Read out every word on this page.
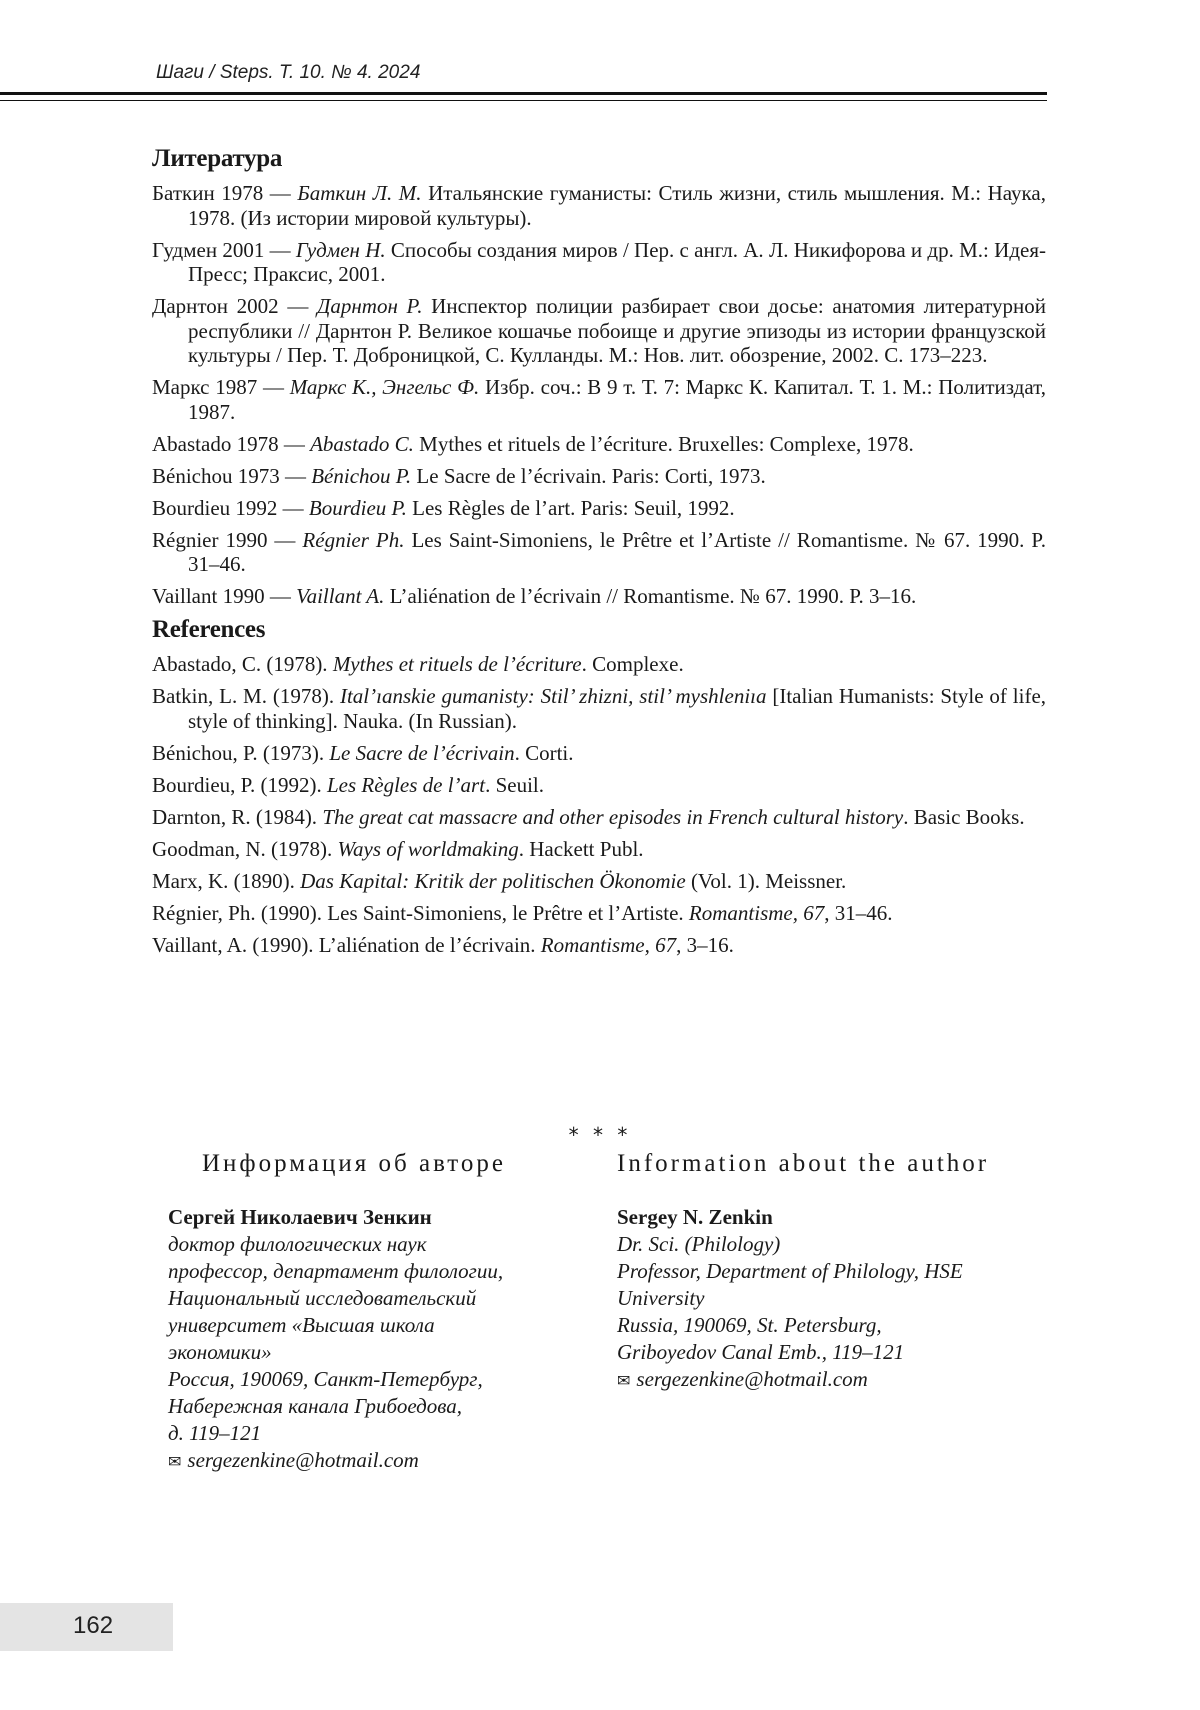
Шаги / Steps. Т. 10. № 4. 2024
Литература
Баткин 1978 — Баткин Л. М. Итальянские гуманисты: Стиль жизни, стиль мышления. М.: Наука, 1978. (Из истории мировой культуры).
Гудмен 2001 — Гудмен Н. Способы создания миров / Пер. с англ. А. Л. Никифорова и др. М.: Идея-Пресс; Праксис, 2001.
Дарнтон 2002 — Дарнтон Р. Инспектор полиции разбирает свои досье: анатомия литературной республики // Дарнтон Р. Великое кошачье побоище и другие эпизоды из истории французской культуры / Пер. Т. Доброницкой, С. Кулланды. М.: Нов. лит. обозрение, 2002. С. 173–223.
Маркс 1987 — Маркс К., Энгельс Ф. Избр. соч.: В 9 т. Т. 7: Маркс К. Капитал. Т. 1. М.: Политиздат, 1987.
Abastado 1978 — Abastado C. Mythes et rituels de l’écriture. Bruxelles: Complexe, 1978.
Bénichou 1973 — Bénichou P. Le Sacre de l’écrivain. Paris: Corti, 1973.
Bourdieu 1992 — Bourdieu P. Les Règles de l’art. Paris: Seuil, 1992.
Régnier 1990 — Régnier Ph. Les Saint-Simoniens, le Prêtre et l’Artiste // Romantisme. № 67. 1990. P. 31–46.
Vaillant 1990 — Vaillant A. L’aliénation de l’écrivain // Romantisme. № 67. 1990. P. 3–16.
References
Abastado, C. (1978). Mythes et rituels de l’écriture. Complexe.
Batkin, L. M. (1978). Ital’ıanskie gumanisty: Stil’ zhizni, stil’ myshleniıa [Italian Humanists: Style of life, style of thinking]. Nauka. (In Russian).
Bénichou, P. (1973). Le Sacre de l’écrivain. Corti.
Bourdieu, P. (1992). Les Règles de l’art. Seuil.
Darnton, R. (1984). The great cat massacre and other episodes in French cultural history. Basic Books.
Goodman, N. (1978). Ways of worldmaking. Hackett Publ.
Marx, K. (1890). Das Kapital: Kritik der politischen Ökonomie (Vol. 1). Meissner.
Régnier, Ph. (1990). Les Saint-Simoniens, le Prêtre et l’Artiste. Romantisme, 67, 31–46.
Vaillant, A. (1990). L’aliénation de l’écrivain. Romantisme, 67, 3–16.
* * *
Информация об авторе
Сергей Николаевич Зенкин
доктор филологических наук
профессор, департамент филологии,
Национальный исследовательский
университет «Высшая школа
экономики»
Россия, 190069, Санкт-Петербург,
Набережная канала Грибоедова,
д. 119–121
✉ sergezenkine@hotmail.com
Information about the author
Sergey N. Zenkin
Dr. Sci. (Philology)
Professor, Department of Philology, HSE
University
Russia, 190069, St. Petersburg,
Griboyedov Canal Emb., 119–121
✉ sergezenkine@hotmail.com
162
